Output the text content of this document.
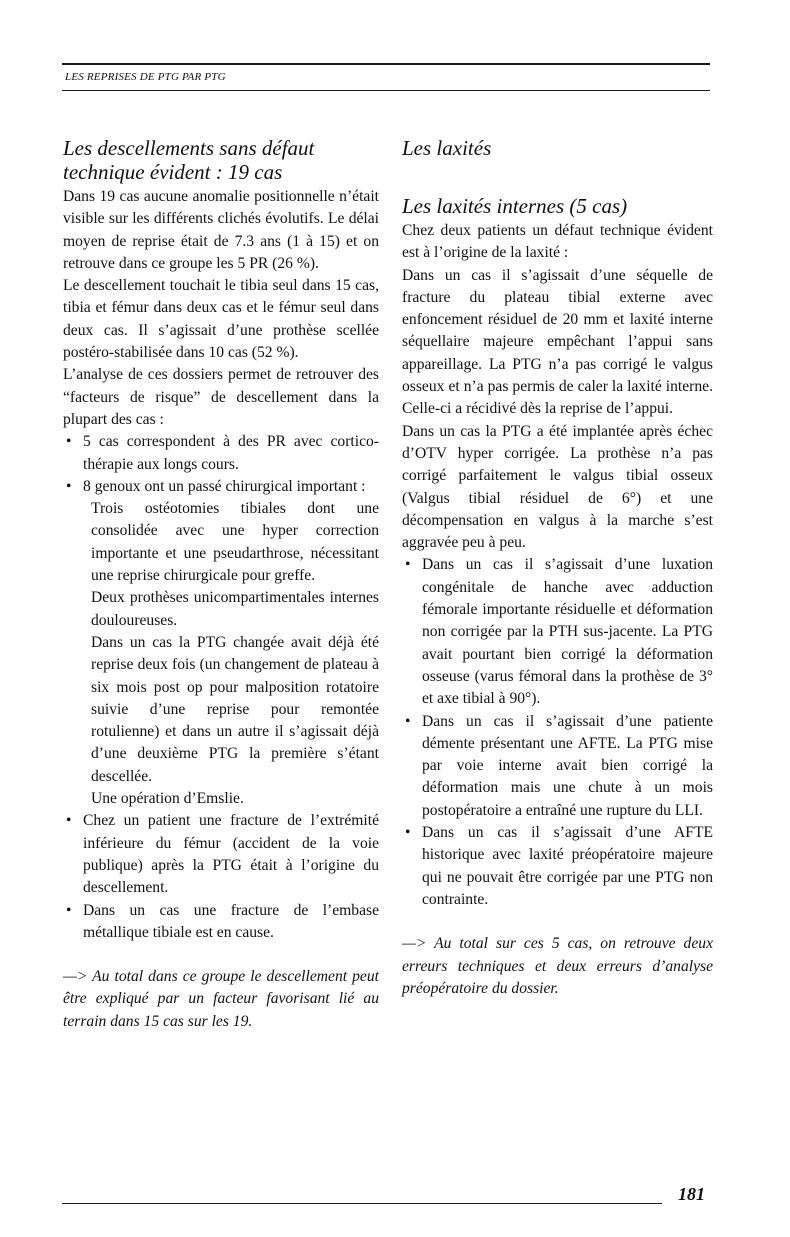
LES REPRISES DE PTG PAR PTG

Les descellements sans défaut technique évident : 19 cas

Dans 19 cas aucune anomalie positionnelle n’était visible sur les différents clichés évolutifs. Le délai moyen de reprise était de 7.3 ans (1 à 15) et on retrouve dans ce groupe les 5 PR (26 %).

Le descellement touchait le tibia seul dans 15 cas, tibia et fémur dans deux cas et le fémur seul dans deux cas. Il s’agissait d’une prothèse scellée postéro-stabilisée dans 10 cas (52 %).

L’analyse de ces dossiers permet de retrouver des “facteurs de risque” de descellement dans la plupart des cas :

• 5 cas correspondent à des PR avec cortico-thérapie aux longs cours.
• 8 genoux ont un passé chirurgical important :
Trois ostéotomies tibiales dont une consolidée avec une hyper correction importante et une pseudarthrose, nécessitant une reprise chirurgicale pour greffe.
Deux prothèses unicompartimentales internes douloureuses.
Dans un cas la PTG changée avait déjà été reprise deux fois (un changement de plateau à six mois post op pour malposition rotatoire suivie d’une reprise pour remontée rotulienne) et dans un autre il s’agissait déjà d’une deuxième PTG la première s’étant descellée.
Une opération d’Emslie.
• Chez un patient une fracture de l’extrémité inférieure du fémur (accident de la voie publique) après la PTG était à l’origine du descellement.
• Dans un cas une fracture de l’embase métallique tibiale est en cause.

—> Au total dans ce groupe le descellement peut être expliqué par un facteur favorisant lié au terrain dans 15 cas sur les 19.

Les laxités

Les laxités internes (5 cas)

Chez deux patients un défaut technique évident est à l’origine de la laxité :

Dans un cas il s’agissait d’une séquelle de fracture du plateau tibial externe avec enfoncement résiduel de 20 mm et laxité interne séquellaire majeure empêchant l’appui sans appareillage. La PTG n’a pas corrigé le valgus osseux et n’a pas permis de caler la laxité interne. Celle-ci a récidivé dès la reprise de l’appui.

Dans un cas la PTG a été implantée après échec d’OTV hyper corrigée. La prothèse n’a pas corrigé parfaitement le valgus tibial osseux (Valgus tibial résiduel de 6°) et une décompensation en valgus à la marche s’est aggravée peu à peu.

• Dans un cas il s’agissait d’une luxation congénitale de hanche avec adduction fémorale importante résiduelle et déformation non corrigée par la PTH sus-jacente. La PTG avait pourtant bien corrigé la déformation osseuse (varus fémoral dans la prothèse de 3° et axe tibial à 90°).
• Dans un cas il s’agissait d’une patiente démente présentant une AFTE. La PTG mise par voie interne avait bien corrigé la déformation mais une chute à un mois postopératoire a entraîné une rupture du LLI.
• Dans un cas il s’agissait d’une AFTE historique avec laxité préopératoire majeure qui ne pouvait être corrigée par une PTG non contrainte.

—> Au total sur ces 5 cas, on retrouve deux erreurs techniques et deux erreurs d’analyse préopératoire du dossier.

181
